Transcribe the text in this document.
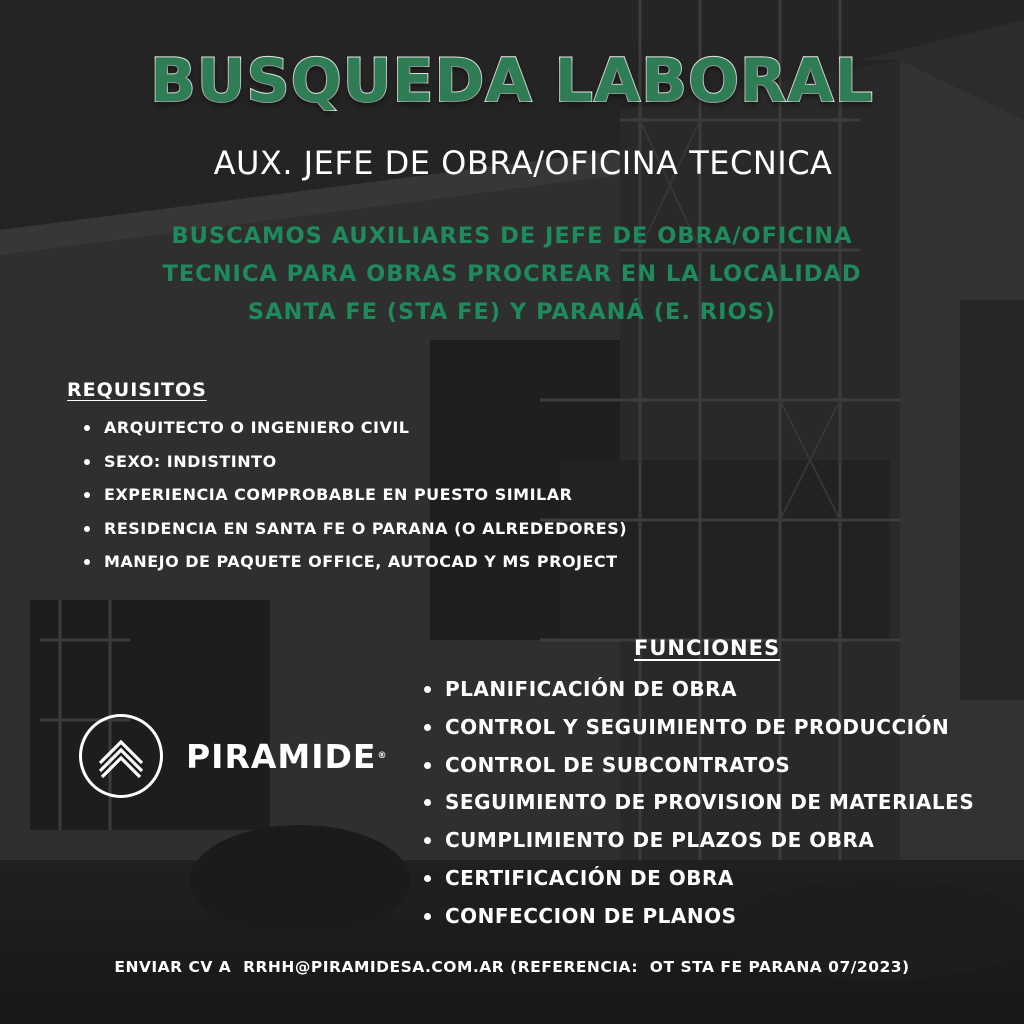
BUSQUEDA LABORAL
AUX. JEFE DE OBRA/OFICINA TECNICA
BUSCAMOS AUXILIARES DE JEFE DE OBRA/OFICINA
TECNICA PARA OBRAS PROCREAR EN LA LOCALIDAD
SANTA FE (STA FE) Y PARANÁ (E. RIOS)
REQUISITOS
ARQUITECTO O INGENIERO CIVIL
SEXO: INDISTINTO
EXPERIENCIA COMPROBABLE EN PUESTO SIMILAR
RESIDENCIA EN SANTA FE O PARANA (O ALREDEDORES)
MANEJO DE PAQUETE OFFICE, AUTOCAD Y MS PROJECT
FUNCIONES
PLANIFICACIÓN DE OBRA
CONTROL Y SEGUIMIENTO DE PRODUCCIÓN
CONTROL DE SUBCONTRATOS
SEGUIMIENTO DE PROVISION DE MATERIALES
CUMPLIMIENTO DE PLAZOS DE OBRA
CERTIFICACIÓN DE OBRA
CONFECCION DE PLANOS
PIRAMIDE®
ENVIAR CV A  RRHH@PIRAMIDESA.COM.AR (REFERENCIA:  OT STA FE PARANA 07/2023)
